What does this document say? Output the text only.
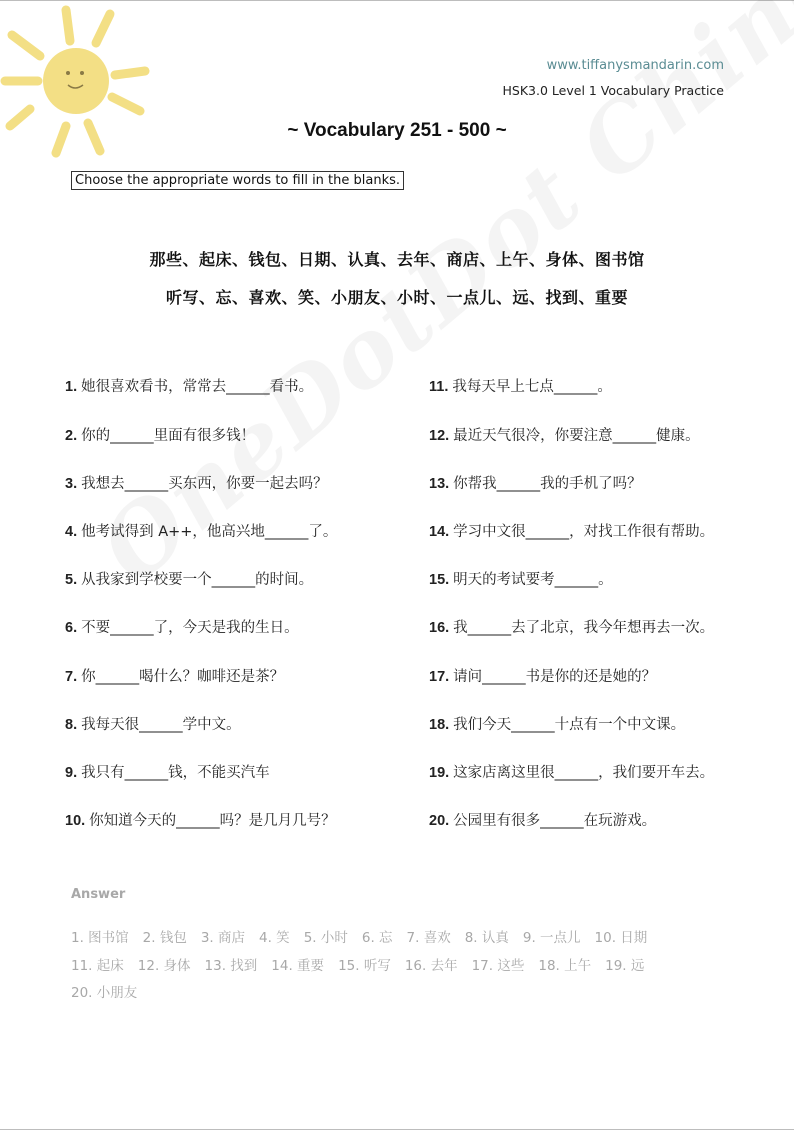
www.tiffanysmandarin.com
HSK3.0 Level 1 Vocabulary Practice
~ Vocabulary 251 - 500 ~
Choose the appropriate words to fill in the blanks.
那些、起床、钱包、日期、认真、去年、商店、上午、身体、图书馆
听写、忘、喜欢、笑、小朋友、小时、一点儿、远、找到、重要
1. 她很喜欢看书，常常去______看书。
2. 你的______里面有很多钱！
3. 我想去______买东西，你要一起去吗？
4. 他考试得到 A++，他高兴地______了。
5. 从我家到学校要一个______的时间。
6. 不要______了，今天是我的生日。
7. 你______喝什么？咖啡还是茶？
8. 我每天很______学中文。
9. 我只有______钱，不能买汽车
10. 你知道今天的______吗？是几月几号？
11. 我每天早上七点______。
12. 最近天气很冷，你要注意______健康。
13. 你帮我______我的手机了吗？
14. 学习中文很______，对找工作很有帮助。
15. 明天的考试要考______。
16. 我______去了北京，我今年想再去一次。
17. 请问______书是你的还是她的？
18. 我们今天______十点有一个中文课。
19. 这家店离这里很______，我们要开车去。
20. 公园里有很多______在玩游戏。
Answer
1. 图书馆 2. 钱包 3. 商店 4. 笑 5. 小时 6. 忘 7. 喜欢 8. 认真 9. 一点儿 10. 日期
11. 起床 12. 身体 13. 找到 14. 重要 15. 听写 16. 去年 17. 这些 18. 上午 19. 远
20. 小朋友
